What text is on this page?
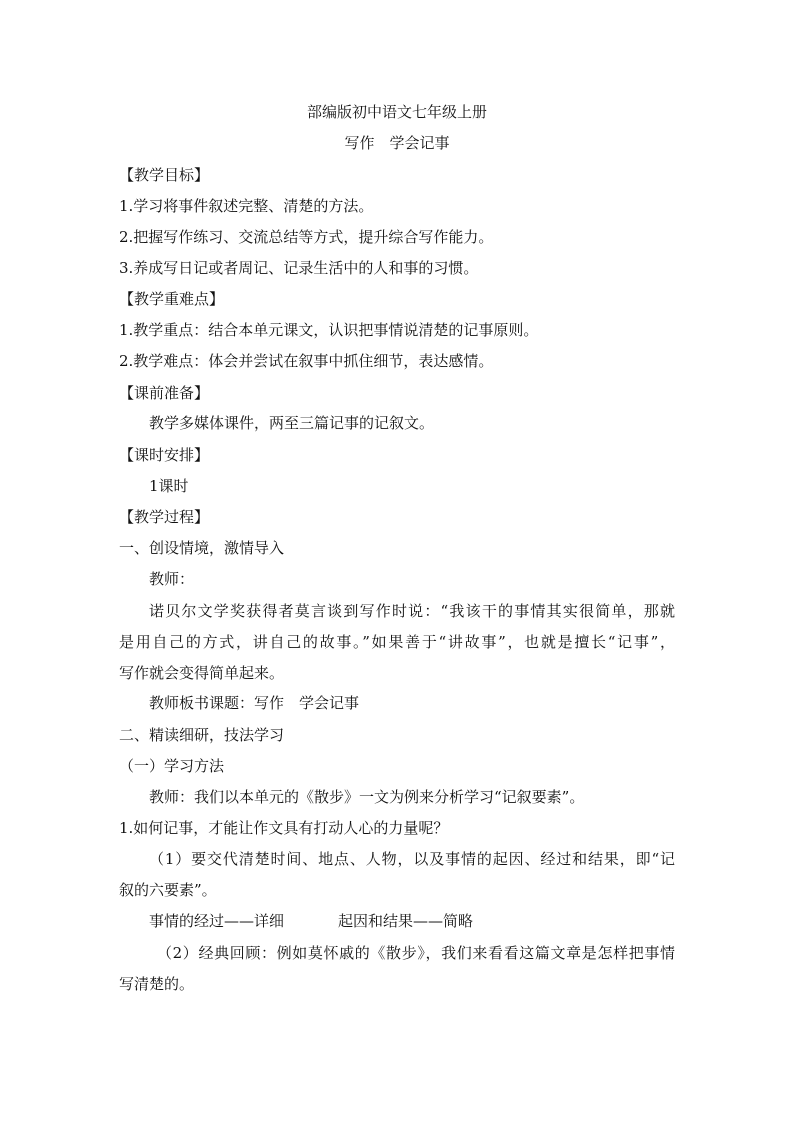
部编版初中语文七年级上册
写作　学会记事
【教学目标】
1.学习将事件叙述完整、清楚的方法。
2.把握写作练习、交流总结等方式，提升综合写作能力。
3.养成写日记或者周记、记录生活中的人和事的习惯。
【教学重难点】
1.教学重点：结合本单元课文，认识把事情说清楚的记事原则。
2.教学难点：体会并尝试在叙事中抓住细节，表达感情。
【课前准备】
教学多媒体课件，两至三篇记事的记叙文。
【课时安排】
1课时
【教学过程】
一、创设情境，激情导入
教师：
诺贝尔文学奖获得者莫言谈到写作时说：“我该干的事情其实很简单，那就
是用自己的方式，讲自己的故事。”如果善于“讲故事”，也就是擅长“记事”，
写作就会变得简单起来。
教师板书课题：写作　学会记事
二、精读细研，技法学习
（一）学习方法
教师：我们以本单元的《散步》一文为例来分析学习“记叙要素”。
1.如何记事，才能让作文具有打动人心的力量呢？
（1）要交代清楚时间、地点、人物，以及事情的起因、经过和结果，即“记
叙的六要素”。
事情的经过——详细	起因和结果——简略
（2）经典回顾：例如莫怀戚的《散步》，我们来看看这篇文章是怎样把事情
写清楚的。
